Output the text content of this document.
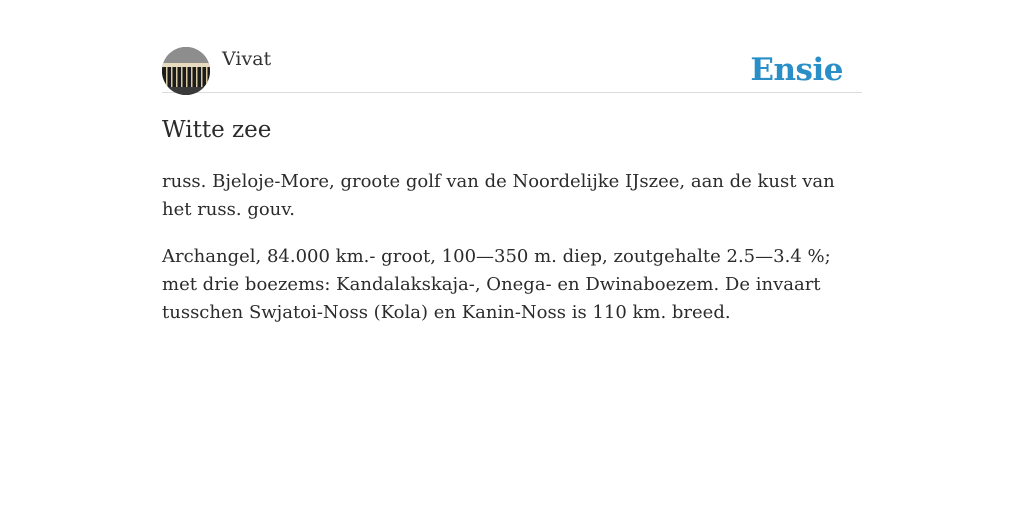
Vivat	Ensie
Witte zee

russ. Bjeloje-More, groote golf van de Noordelijke IJszee, aan de kust van het russ. gouv.

Archangel, 84.000 km.- groot, 100—350 m. diep, zoutgehalte 2.5—3.4 %; met drie boezems: Kandalakskaja-, Onega- en Dwinaboezem. De invaart tusschen Swjatoi-Noss (Kola) en Kanin-Noss is 110 km. breed.
